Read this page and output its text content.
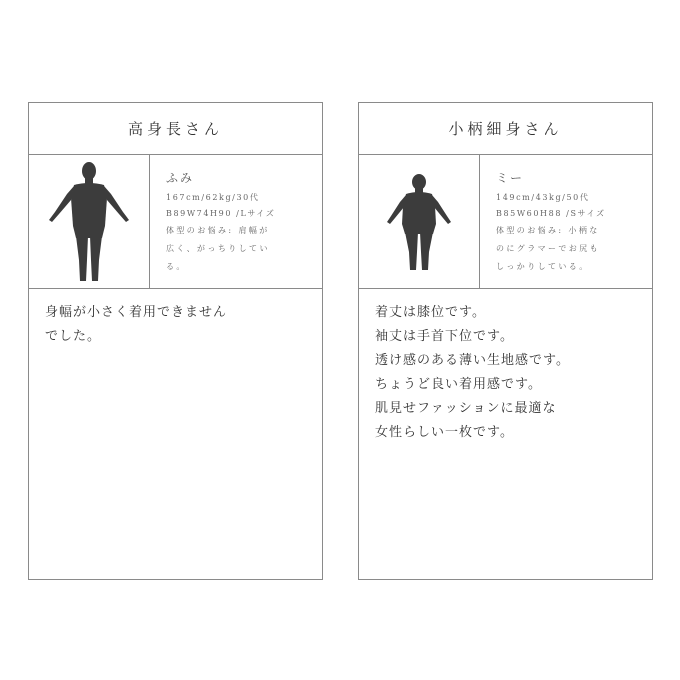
高身長さん
ふみ
167cm/62kg/30代
B89W74H90 /Lサイズ
体型のお悩み: 肩幅が
広く、がっちりしてい
る。
身幅が小さく着用できません
でした。
小柄細身さん
ミー
149cm/43kg/50代
B85W60H88 /Sサイズ
体型のお悩み: 小柄な
のにグラマーでお尻も
しっかりしている。
着丈は膝位です。
袖丈は手首下位です。
透け感のある薄い生地感です。
ちょうど良い着用感です。
肌見せファッションに最適な
女性らしい一枚です。
